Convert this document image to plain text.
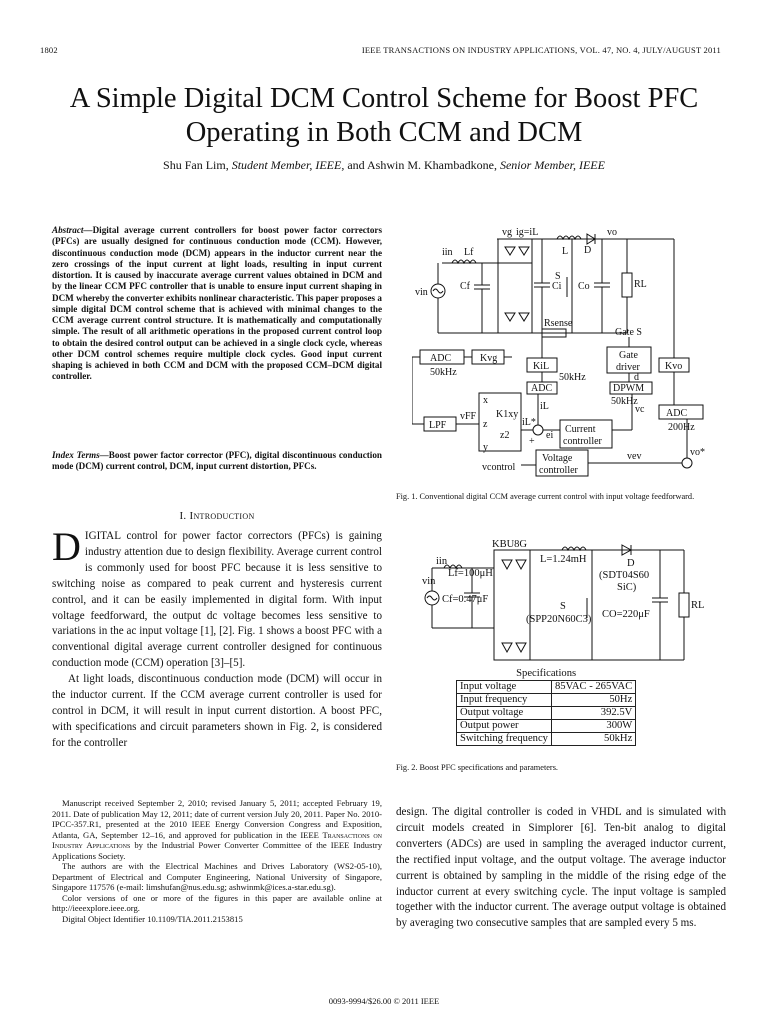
1802	IEEE TRANSACTIONS ON INDUSTRY APPLICATIONS, VOL. 47, NO. 4, JULY/AUGUST 2011
A Simple Digital DCM Control Scheme for Boost PFC Operating in Both CCM and DCM
Shu Fan Lim, Student Member, IEEE, and Ashwin M. Khambadkone, Senior Member, IEEE
Abstract—Digital average current controllers for boost power factor correctors (PFCs) are usually designed for continuous conduction mode (CCM). However, discontinuous conduction mode (DCM) appears in the inductor current near the zero crossings of the input current at light loads, resulting in input current distortion. It is caused by inaccurate average current values obtained in DCM and by the linear CCM PFC controller that is unable to ensure input current shaping in DCM whereby the converter exhibits nonlinear characteristic. This paper proposes a simple digital DCM control scheme that is achieved with minimal changes to the CCM average current control structure. It is mathematically and computationally simple. The result of all arithmetic operations in the proposed current control loop to obtain the desired control output can be achieved in a single clock cycle, whereas other DCM control schemes require multiple clock cycles. Good input current shaping is achieved in both CCM and DCM with the proposed CCM–DCM digital controller.
Index Terms—Boost power factor corrector (PFC), digital discontinuous conduction mode (DCM) current control, DCM, input current distortion, PFCs.
I. Introduction

DIGITAL control for power factor correctors (PFCs) is gaining industry attention due to design flexibility. Average current control is commonly used for boost PFC because it is less sensitive to switching noise as compared to peak current and hysteresis current control, and it can be easily implemented in digital form. With input voltage feedforward, the output dc voltage becomes less sensitive to variations in the ac input voltage [1], [2]. Fig. 1 shows a boost PFC with a conventional digital average current controller designed for continuous conduction mode (CCM) operation [3]–[5].

At light loads, discontinuous conduction mode (DCM) will occur in the inductor current. If the CCM average current controller is used for control in DCM, it will result in input current distortion. A boost PFC, with specifications and circuit parameters shown in Fig. 2, is considered for the controller

Manuscript received September 2, 2010; revised January 5, 2011; accepted February 19, 2011. Date of publication May 12, 2011; date of current version July 20, 2011. Paper No. 2010-IPCC-357.R1, presented at the 2010 IEEE Energy Conversion Congress and Exposition, Atlanta, GA, September 12–16, and approved for publication in the IEEE Transactions on Industry Applications by the Industrial Power Converter Committee of the IEEE Industry Applications Society.

The authors are with the Electrical Machines and Drives Laboratory (WS2-05-10), Department of Electrical and Computer Engineering, National University of Singapore, Singapore 117576 (e-mail: limshufan@nus.edu.sg; ashwinmk@ices.a-star.edu.sg).

Color versions of one or more of the figures in this paper are available online at http://ieeexplore.ieee.org.

Digital Object Identifier 10.1109/TIA.2011.2153815

design. The digital controller is coded in VHDL and is simulated with circuit models created in Simplorer [6]. Ten-bit analog to digital converters (ADCs) are used in sampling the averaged inductor current, the rectified input voltage, and the output voltage. The average inductor current is obtained by sampling in the middle of the rising edge of the inductor current at every switching cycle. The input voltage is sampled together with the inductor current. The average output voltage is obtained by averaging two consecutive samples that are sampled every 5 ms.

vg ig=iL	vo
iin Lf	L D
vin
Cf	Ci
S
Co	RL
Rsense
Gate S
ADC
50kHz
Kvg
KiL
50kHz
ADC
Gate
driver
d
DPWM
50kHz
Kvo
vc ADC
200Hz
x
vFF
LPF	z
K1xy
z2
y
iL*
iL
ei
+
Current
controller
Voltage
controller
vcontrol
vev	vo*
Fig. 1. Conventional digital CCM average current control with input voltage feedforward.
KBU8G
L=1.24mH
iin
Lf=100μH
D
(SDT04S60
SiC)
vin
Cf=0.47μF
S
(SPP20N60C3) CO=220μF
RL
Specifications	
Input voltage	85VAC - 265VAC
Input frequency	50Hz
Output voltage	392.5V
Output power	300W
Switching frequency	50kHz
Fig. 2. Boost PFC specifications and parameters.
0093-9994/$26.00 © 2011 IEEE
